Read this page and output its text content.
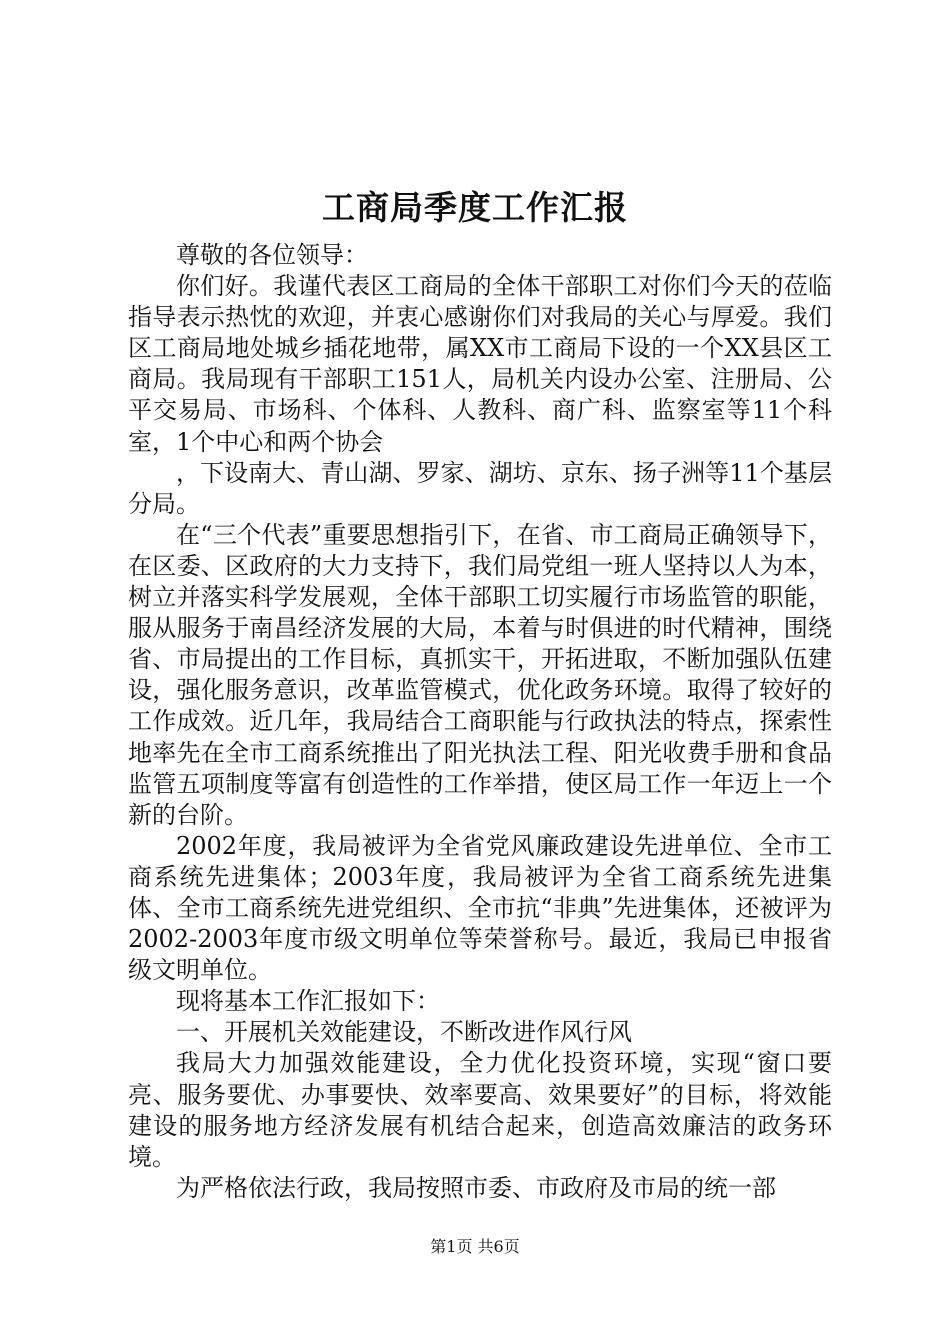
工商局季度工作汇报

尊敬的各位领导：

你们好。我谨代表区工商局的全体干部职工对你们今天的莅临指导表示热忱的欢迎，并衷心感谢你们对我局的关心与厚爱。我们区工商局地处城乡插花地带，属XX市工商局下设的一个XX县区工商局。我局现有干部职工151人，局机关内设办公室、注册局、公平交易局、市场科、个体科、人教科、商广科、监察室等11个科室，1个中心和两个协会

，下设南大、青山湖、罗家、湖坊、京东、扬子洲等11个基层分局。

在“三个代表”重要思想指引下，在省、市工商局正确领导下，在区委、区政府的大力支持下，我们局党组一班人坚持以人为本，树立并落实科学发展观，全体干部职工切实履行市场监管的职能，服从服务于南昌经济发展的大局，本着与时俱进的时代精神，围绕省、市局提出的工作目标，真抓实干，开拓进取，不断加强队伍建设，强化服务意识，改革监管模式，优化政务环境。取得了较好的工作成效。近几年，我局结合工商职能与行政执法的特点，探索性地率先在全市工商系统推出了阳光执法工程、阳光收费手册和食品监管五项制度等富有创造性的工作举措，使区局工作一年迈上一个新的台阶。

2002年度，我局被评为全省党风廉政建设先进单位、全市工商系统先进集体；2003年度，我局被评为全省工商系统先进集体、全市工商系统先进党组织、全市抗“非典”先进集体，还被评为2002-2003年度市级文明单位等荣誉称号。最近，我局已申报省级文明单位。

现将基本工作汇报如下：

一、开展机关效能建设，不断改进作风行风

我局大力加强效能建设，全力优化投资环境，实现“窗口要亮、服务要优、办事要快、效率要高、效果要好”的目标，将效能建设的服务地方经济发展有机结合起来，创造高效廉洁的政务环境。

为严格依法行政，我局按照市委、市政府及市局的统一部

第1页 共6页
